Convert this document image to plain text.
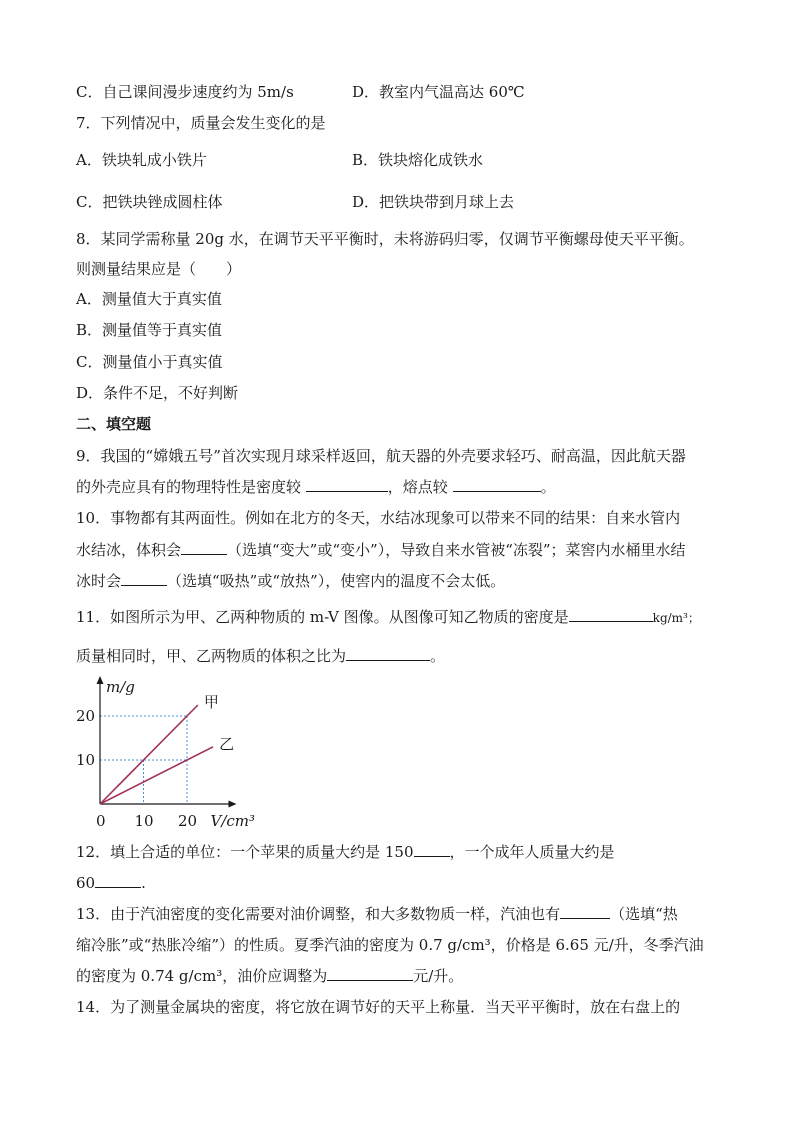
C．自己课间漫步速度约为 5m/s	D．教室内气温高达 60℃
7．下列情况中，质量会发生变化的是
A．铁块轧成小铁片	B．铁块熔化成铁水
C．把铁块锉成圆柱体	D．把铁块带到月球上去
8．某同学需称量 20g 水，在调节天平平衡时，未将游码归零，仅调节平衡螺母使天平平衡。
则测量结果应是（　　）
A．测量值大于真实值
B．测量值等于真实值
C．测量值小于真实值
D．条件不足，不好判断
二、填空题
9．我国的“嫦娥五号”首次实现月球采样返回，航天器的外壳要求轻巧、耐高温，因此航天器
的外壳应具有的物理特性是密度较	，熔点较	。
10．事物都有其两面性。例如在北方的冬天，水结冰现象可以带来不同的结果：自来水管内
水结冰，体积会	（选填“变大”或“变小”），导致自来水管被“冻裂”；菜窖内水桶里水结
冰时会	（选填“吸热”或“放热”），使窖内的温度不会太低。
11．如图所示为甲、乙两种物质的 m-V 图像。从图像可知乙物质的密度是	kg/m³；
质量相同时，甲、乙两物质的体积之比为	。
m/g
V/cm³
0 10 20
10
20
甲
乙
12．填上合适的单位：一个苹果的质量大约是 150 ，一个成年人质量大约是
60	.
13．由于汽油密度的变化需要对油价调整，和大多数物质一样，汽油也有	（选填“热
缩冷胀”或“热胀冷缩”）的性质。夏季汽油的密度为 0.7 g/cm³，价格是 6.65 元/升，冬季汽油
的密度为 0.74 g/cm³，油价应调整为	元/升。
14．为了测量金属块的密度，将它放在调节好的天平上称量．当天平平衡时，放在右盘上的
